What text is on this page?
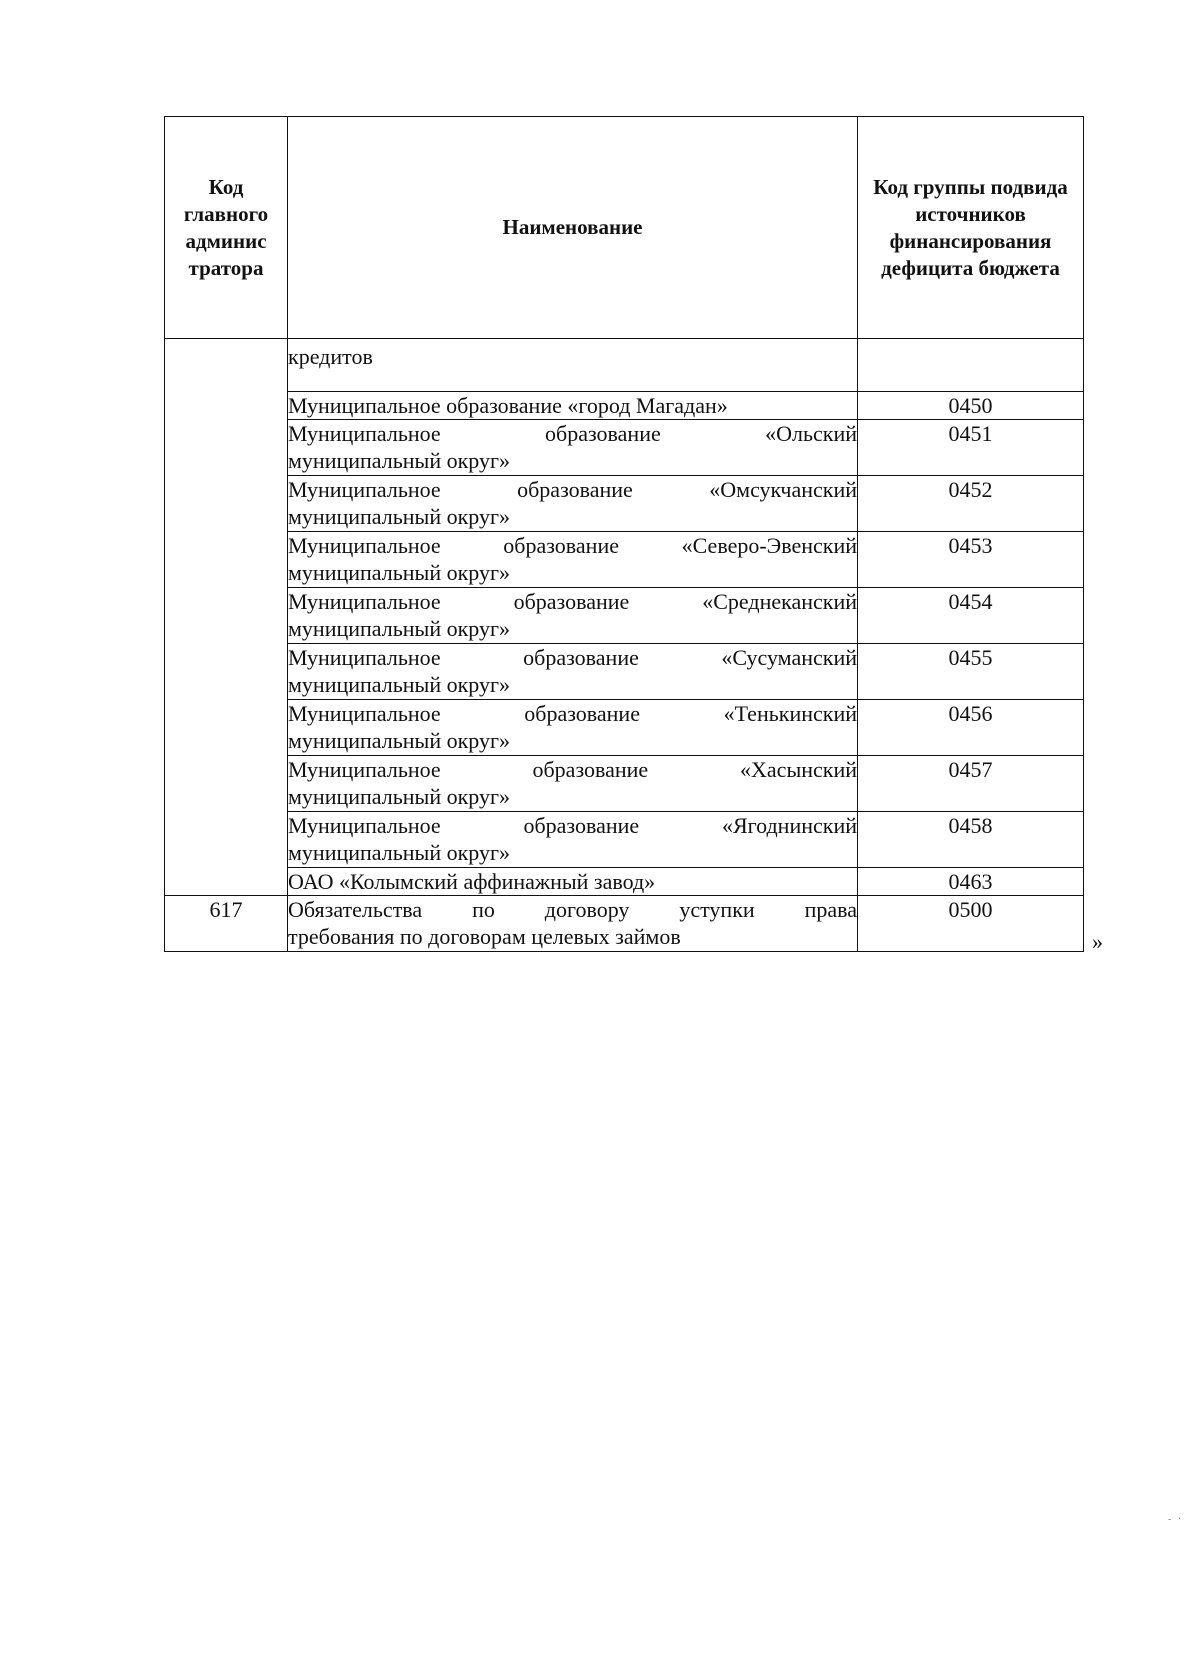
Код главного админис тратора	Наименование	Код группы подвида источников финансирования дефицита бюджета

	кредитов	

	Муниципальное образование «город Магадан»	0450

	Муниципальное образование «Ольский
муниципальный округ»	0451

	Муниципальное образование «Омсукчанский
муниципальный округ»	0452

	Муниципальное образование «Северо-Эвенский
муниципальный округ»	0453

	Муниципальное образование «Среднеканский
муниципальный округ»	0454

	Муниципальное образование «Сусуманский
муниципальный округ»	0455

	Муниципальное образование «Тенькинский
муниципальный округ»	0456

	Муниципальное образование «Хасынский
муниципальный округ»	0457

	Муниципальное образование «Ягоднинский
муниципальный округ»	0458
	ОАО «Колымский аффинажный завод»	0463
617	Обязательства по договору уступки права
требования по договорам целевых займов	0500
»
‐ ·
